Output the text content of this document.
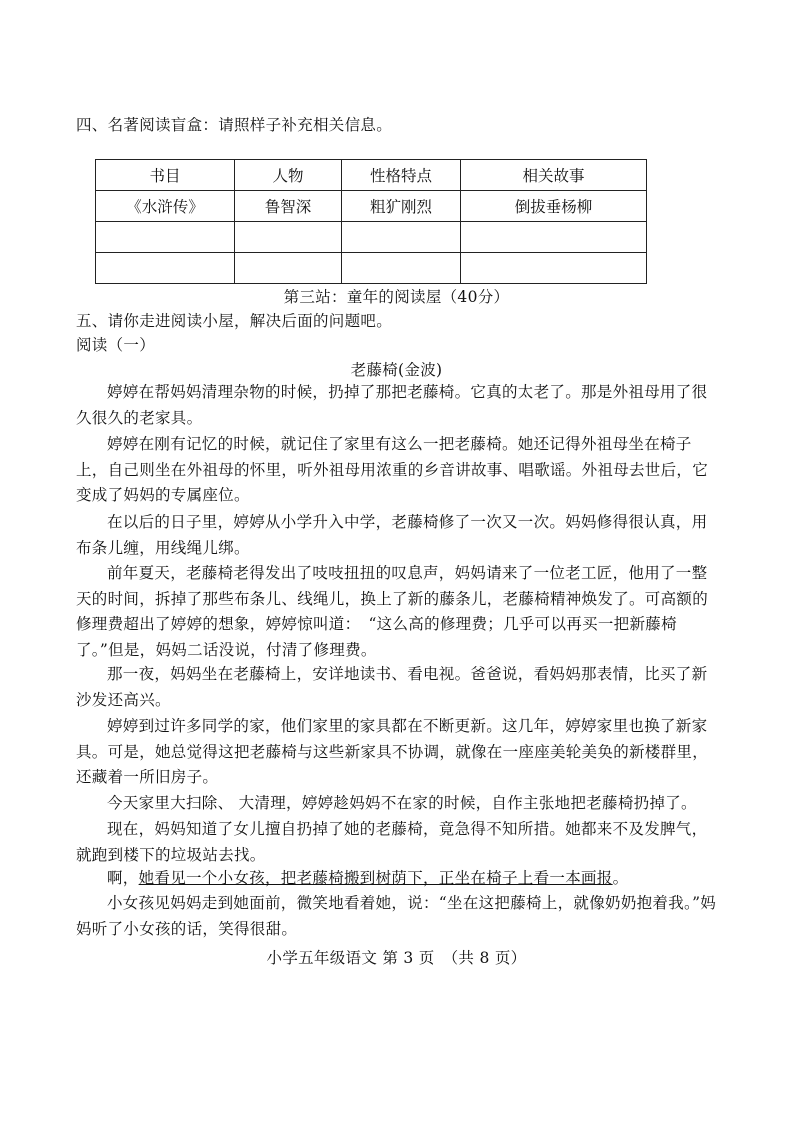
四、名著阅读盲盒：请照样子补充相关信息。
书目	人物	性格特点	相关故事
《水浒传》	鲁智深	粗犷刚烈	倒拔垂杨柳

第三站：童年的阅读屋（40分）
五、请你走进阅读小屋，解决后面的问题吧。
阅读（一）
老藤椅(金波)
婷婷在帮妈妈清理杂物的时候，扔掉了那把老藤椅。它真的太老了。那是外祖母用了很久很久的老家具。
婷婷在刚有记忆的时候，就记住了家里有这么一把老藤椅。她还记得外祖母坐在椅子上，自己则坐在外祖母的怀里，听外祖母用浓重的乡音讲故事、唱歌谣。外祖母去世后，它变成了妈妈的专属座位。
在以后的日子里，婷婷从小学升入中学，老藤椅修了一次又一次。妈妈修得很认真，用布条儿缠，用线绳儿绑。
前年夏天，老藤椅老得发出了吱吱扭扭的叹息声，妈妈请来了一位老工匠，他用了一整天的时间，拆掉了那些布条儿、线绳儿，换上了新的藤条儿，老藤椅精神焕发了。可高额的修理费超出了婷婷的想象，婷婷惊叫道：　“这么高的修理费；几乎可以再买一把新藤椅了。”但是，妈妈二话没说，付清了修理费。
那一夜，妈妈坐在老藤椅上，安详地读书、看电视。爸爸说，看妈妈那表情，比买了新沙发还高兴。
婷婷到过许多同学的家，他们家里的家具都在不断更新。这几年，婷婷家里也换了新家具。可是，她总觉得这把老藤椅与这些新家具不协调，就像在一座座美轮美奂的新楼群里，还藏着一所旧房子。
今天家里大扫除、 大清理，婷婷趁妈妈不在家的时候，自作主张地把老藤椅扔掉了。
现在，妈妈知道了女儿擅自扔掉了她的老藤椅，竟急得不知所措。她都来不及发脾气，就跑到楼下的垃圾站去找。
啊，她看见一个小女孩，把老藤椅搬到树荫下，正坐在椅子上看一本画报。
小女孩见妈妈走到她面前，微笑地看着她，说：“坐在这把藤椅上，就像奶奶抱着我。”妈妈听了小女孩的话，笑得很甜。
小学五年级语文 第 3 页　（共 8 页）
